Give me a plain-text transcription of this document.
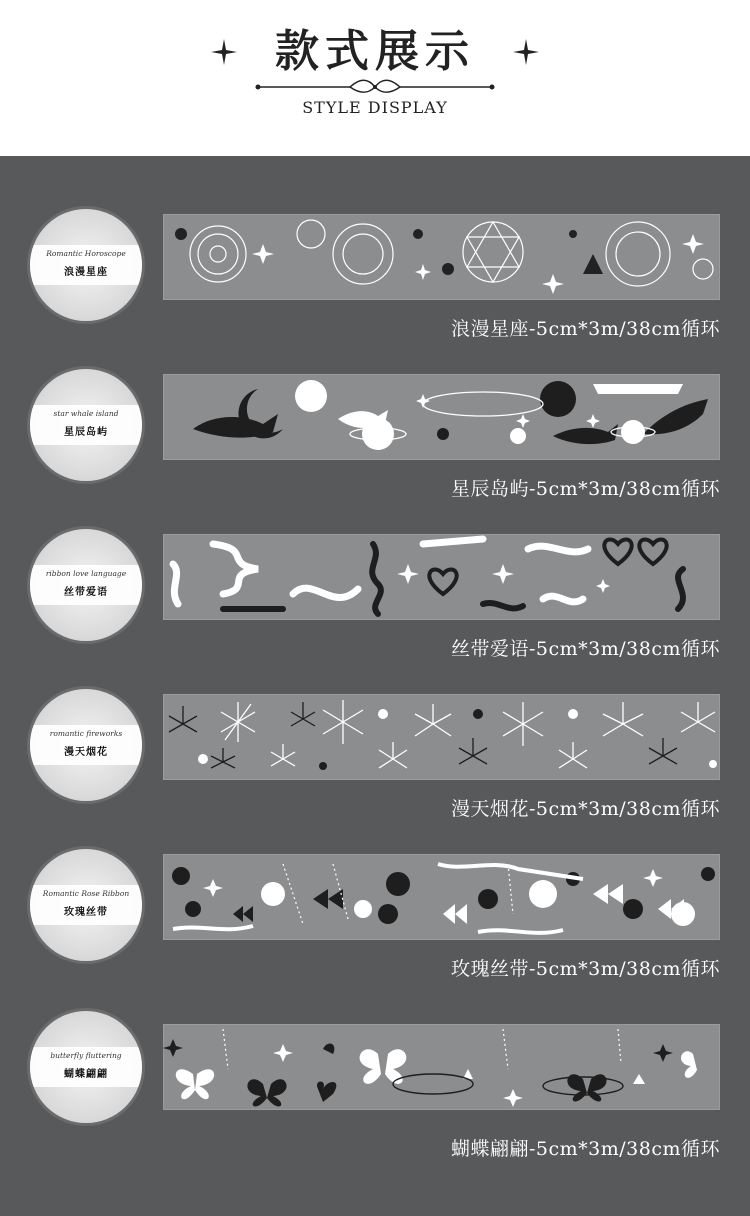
款式展示
STYLE DISPLAY
Romantic Horoscope
浪漫星座
浪漫星座-5cm*3m/38cm循环
star whale island
星辰岛屿
星辰岛屿-5cm*3m/38cm循环
ribbon love language
丝带爱语
丝带爱语-5cm*3m/38cm循环
romantic fireworks
漫天烟花
漫天烟花-5cm*3m/38cm循环
Romantic Rose Ribbon
玫瑰丝带
玫瑰丝带-5cm*3m/38cm循环
butterfly fluttering
蝴蝶翩翩
蝴蝶翩翩-5cm*3m/38cm循环
